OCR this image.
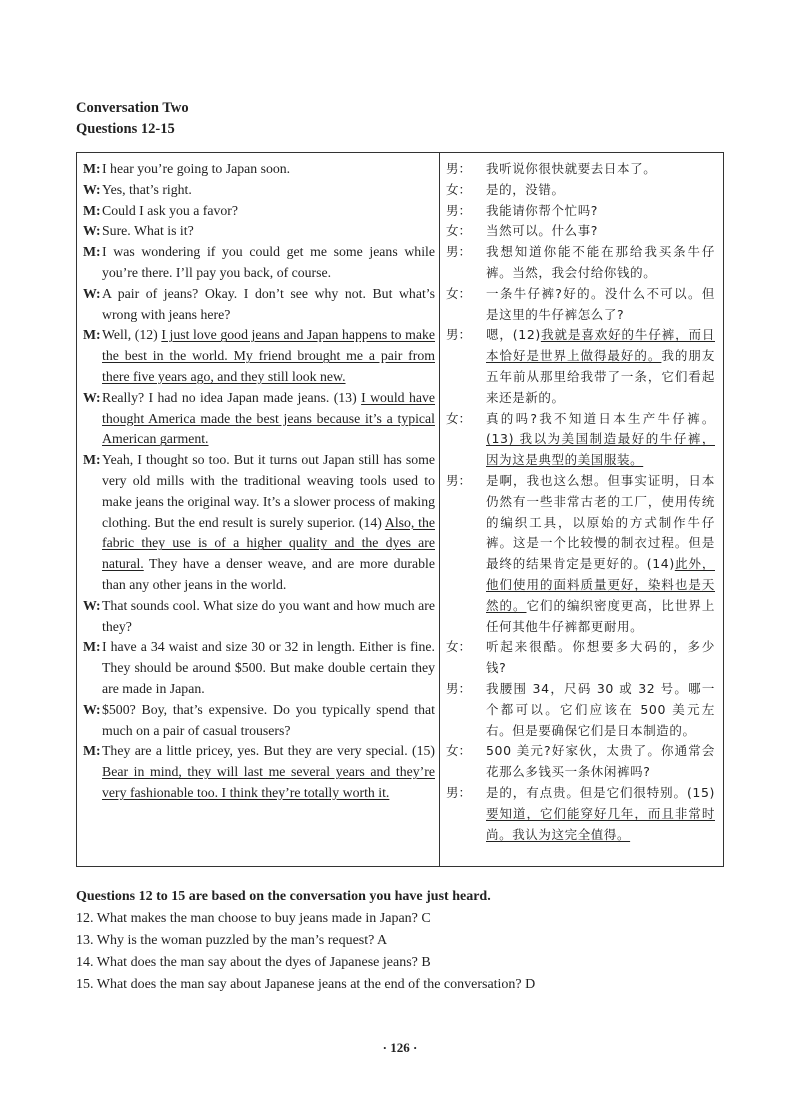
Conversation Two
Questions 12-15
M: I hear you’re going to Japan soon.
W: Yes, that’s right.
M: Could I ask you a favor?
W: Sure. What is it?
M: I was wondering if you could get me some jeans while you’re there. I’ll pay you back, of course.
W: A pair of jeans? Okay. I don’t see why not. But what’s wrong with jeans here?
M: Well, (12) I just love good jeans and Japan happens to make the best in the world. My friend brought me a pair from there five years ago, and they still look new.
W: Really? I had no idea Japan made jeans. (13) I would have thought America made the best jeans because it’s a typical American garment.
M: Yeah, I thought so too. But it turns out Japan still has some very old mills with the traditional weaving tools used to make jeans the original way. It’s a slower process of making clothing. But the end result is surely superior. (14) Also, the fabric they use is of a higher quality and the dyes are natural. They have a denser weave, and are more durable than any other jeans in the world.
W: That sounds cool. What size do you want and how much are they?
M: I have a 34 waist and size 30 or 32 in length. Either is fine. They should be around $500. But make double certain they are made in Japan.
W: $500? Boy, that’s expensive. Do you typically spend that much on a pair of casual trousers?
M: They are a little pricey, yes. But they are very special. (15) Bear in mind, they will last me several years and they’re very fashionable too. I think they’re totally worth it.

男：	我听说你很快就要去日本了。
女：	是的，没错。
男：	我能请你帮个忙吗?
女：	当然可以。什么事?
男：	我想知道你能不能在那给我买条牛仔裤。当然，我会付给你钱的。
女：	一条牛仔裤?好的。没什么不可以。但是这里的牛仔裤怎么了?
男：	嗯，(12)我就是喜欢好的牛仔裤，而日本恰好是世界上做得最好的。我的朋友五年前从那里给我带了一条，它们看起来还是新的。
女：	真的吗?我不知道日本生产牛仔裤。(13) 我以为美国制造最好的牛仔裤，因为这是典型的美国服装。
男：	是啊，我也这么想。但事实证明，日本仍然有一些非常古老的工厂，使用传统的编织工具，以原始的方式制作牛仔裤。这是一个比较慢的制衣过程。但是最终的结果肯定是更好的。(14)此外，他们使用的面料质量更好，染料也是天然的。它们的编织密度更高，比世界上任何其他牛仔裤都更耐用。
女：	听起来很酷。你想要多大码的，多少钱?
男：	我腰围 34，尺码 30 或 32 号。哪一个都可以。它们应该在 500 美元左右。但是要确保它们是日本制造的。
女：	500 美元?好家伙，太贵了。你通常会花那么多钱买一条休闲裤吗?
男：	是的，有点贵。但是它们很特别。(15)要知道，它们能穿好几年，而且非常时尚。我认为这完全值得。
Questions 12 to 15 are based on the conversation you have just heard.
12. What makes the man choose to buy jeans made in Japan? C
13. Why is the woman puzzled by the man’s request? A
14. What does the man say about the dyes of Japanese jeans? B
15. What does the man say about Japanese jeans at the end of the conversation? D
· 126 ·
